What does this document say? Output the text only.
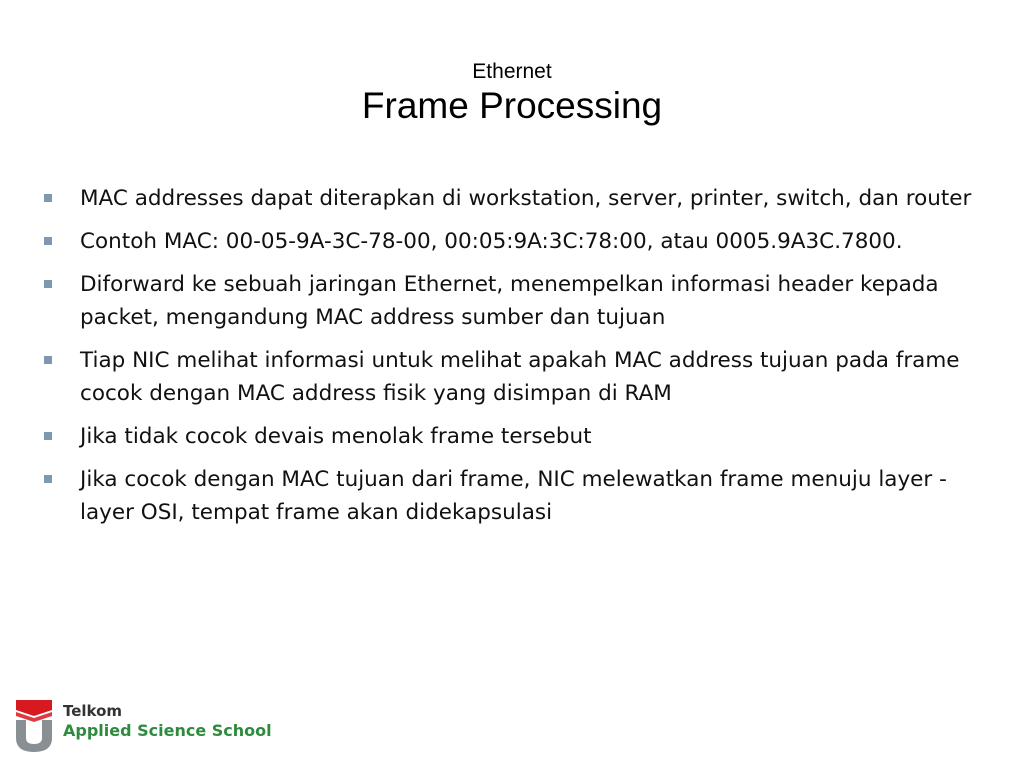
Ethernet
Frame Processing
MAC addresses dapat diterapkan di workstation, server, printer, switch, dan router
Contoh MAC: 00-05-9A-3C-78-00, 00:05:9A:3C:78:00, atau 0005.9A3C.7800.
Diforward ke sebuah jaringan Ethernet, menempelkan informasi header kepada packet, mengandung MAC address sumber dan tujuan
Tiap NIC melihat informasi untuk melihat apakah MAC address tujuan pada frame cocok dengan MAC address fisik yang disimpan di RAM
Jika tidak cocok devais menolak frame tersebut
Jika cocok dengan MAC tujuan dari frame, NIC melewatkan frame menuju layer - layer OSI, tempat frame akan didekapsulasi
Telkom
Applied Science School
